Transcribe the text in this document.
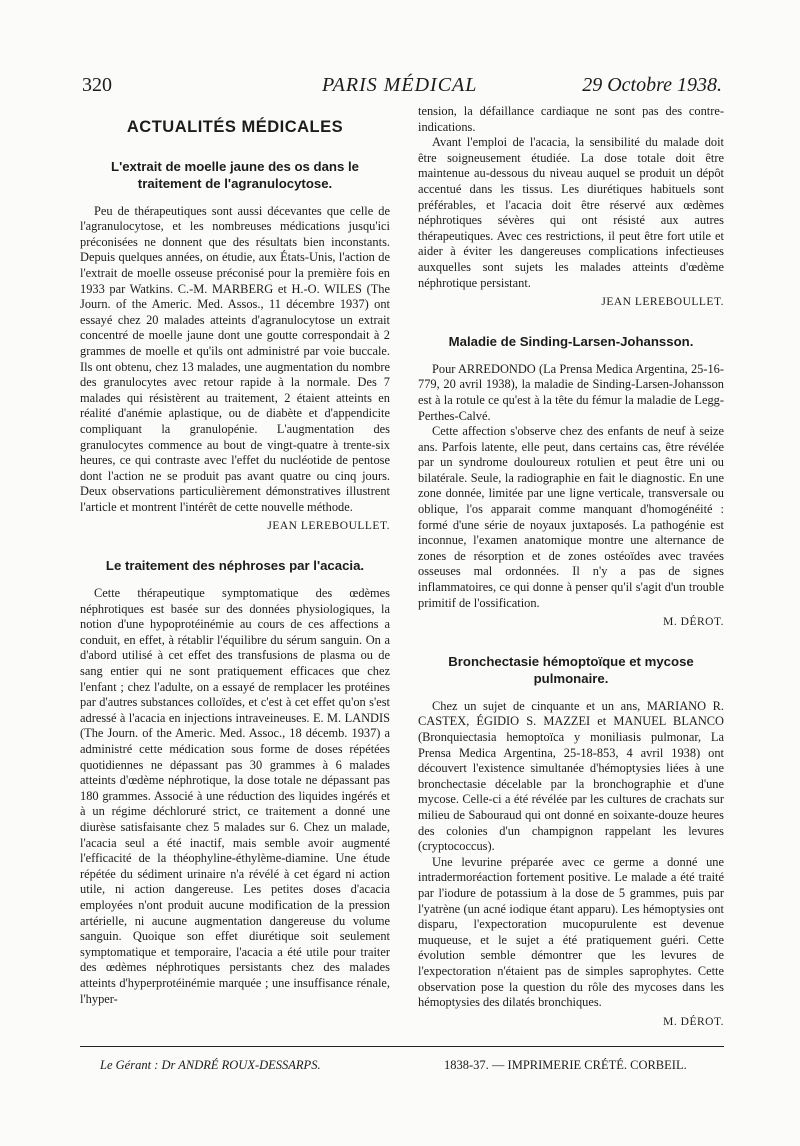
320	PARIS MÉDICAL	29 Octobre 1938.
ACTUALITÉS MÉDICALES
L'extrait de moelle jaune des os dans le traitement de l'agranulocytose.

Peu de thérapeutiques sont aussi décevantes que celle de l'agranulocytose, et les nombreuses médications jusqu'ici préconisées ne donnent que des résultats bien inconstants. Depuis quelques années, on étudie, aux États-Unis, l'action de l'extrait de moelle osseuse préconisé pour la première fois en 1933 par Watkins. C.-M. MARBERG et H.-O. WILES (The Journ. of the Americ. Med. Assos., 11 décembre 1937) ont essayé chez 20 malades atteints d'agranulocytose un extrait concentré de moelle jaune dont une goutte correspondait à 2 grammes de moelle et qu'ils ont administré par voie buccale. Ils ont obtenu, chez 13 malades, une augmentation du nombre des granulocytes avec retour rapide à la normale. Des 7 malades qui résistèrent au traitement, 2 étaient atteints en réalité d'anémie aplastique, ou de diabète et d'appendicite compliquant la granulopénie. L'augmentation des granulocytes commence au bout de vingt-quatre à trente-six heures, ce qui contraste avec l'effet du nucléotide de pentose dont l'action ne se produit pas avant quatre ou cinq jours. Deux observations particulièrement démonstratives illustrent l'article et montrent l'intérêt de cette nouvelle méthode.

JEAN LEREBOULLET.
Le traitement des néphroses par l'acacia.

Cette thérapeutique symptomatique des œdèmes néphrotiques est basée sur des données physiologiques, la notion d'une hypoprotéinémie au cours de ces affections a conduit, en effet, à rétablir l'équilibre du sérum sanguin. On a d'abord utilisé à cet effet des transfusions de plasma ou de sang entier qui ne sont pratiquement efficaces que chez l'enfant ; chez l'adulte, on a essayé de remplacer les protéines par d'autres substances colloïdes, et c'est à cet effet qu'on s'est adressé à l'acacia en injections intraveineuses. E. M. LANDIS (The Journ. of the Americ. Med. Assoc., 18 décemb. 1937) a administré cette médication sous forme de doses répétées quotidiennes ne dépassant pas 30 grammes à 6 malades atteints d'œdème néphrotique, la dose totale ne dépassant pas 180 grammes. Associé à une réduction des liquides ingérés et à un régime déchloruré strict, ce traitement a donné une diurèse satisfaisante chez 5 malades sur 6. Chez un malade, l'acacia seul a été inactif, mais semble avoir augmenté l'efficacité de la théophyline-éthylème-diamine. Une étude répétée du sédiment urinaire n'a révélé à cet égard ni action utile, ni action dangereuse. Les petites doses d'acacia employées n'ont produit aucune modification de la pression artérielle, ni aucune augmentation dangereuse du volume sanguin. Quoique son effet diurétique soit seulement symptomatique et temporaire, l'acacia a été utile pour traiter des œdèmes néphrotiques persistants chez des malades atteints d'hyperprotéinémie marquée ; une insuffisance rénale, l'hyper-

tension, la défaillance cardiaque ne sont pas des contre-indications.

Avant l'emploi de l'acacia, la sensibilité du malade doit être soigneusement étudiée. La dose totale doit être maintenue au-dessous du niveau auquel se produit un dépôt accentué dans les tissus. Les diurétiques habituels sont préférables, et l'acacia doit être réservé aux œdèmes néphrotiques sévères qui ont résisté aux autres thérapeutiques. Avec ces restrictions, il peut être fort utile et aider à éviter les dangereuses complications infectieuses auxquelles sont sujets les malades atteints d'œdème néphrotique persistant.

JEAN LEREBOULLET.
Maladie de Sinding-Larsen-Johansson.

Pour ARREDONDO (La Prensa Medica Argentina, 25-16-779, 20 avril 1938), la maladie de Sinding-Larsen-Johansson est à la rotule ce qu'est à la tête du fémur la maladie de Legg-Perthes-Calvé.

Cette affection s'observe chez des enfants de neuf à seize ans. Parfois latente, elle peut, dans certains cas, être révélée par un syndrome douloureux rotulien et peut être uni ou bilatérale. Seule, la radiographie en fait le diagnostic. En une zone donnée, limitée par une ligne verticale, transversale ou oblique, l'os apparait comme manquant d'homogénéité : formé d'une série de noyaux juxtaposés. La pathogénie est inconnue, l'examen anatomique montre une alternance de zones de résorption et de zones ostéoïdes avec travées osseuses mal ordonnées. Il n'y a pas de signes inflammatoires, ce qui donne à penser qu'il s'agit d'un trouble primitif de l'ossification.

M. DÉROT.
Bronchectasie hémoptoïque et mycose pulmonaire.

Chez un sujet de cinquante et un ans, MARIANO R. CASTEX, ÉGIDIO S. MAZZEI et MANUEL BLANCO (Bronquiectasia hemoptoïca y moniliasis pulmonar, La Prensa Medica Argentina, 25-18-853, 4 avril 1938) ont découvert l'existence simultanée d'hémoptysies liées à une bronchectasie décelable par la bronchographie et d'une mycose. Celle-ci a été révélée par les cultures de crachats sur milieu de Sabouraud qui ont donné en soixante-douze heures des colonies d'un champignon rappelant les levures (cryptococcus).

Une levurine préparée avec ce germe a donné une intradermoréaction fortement positive. Le malade a été traité par l'iodure de potassium à la dose de 5 grammes, puis par l'yatrène (un acné iodique étant apparu). Les hémoptysies ont disparu, l'expectoration mucopurulente est devenue muqueuse, et le sujet a été pratiquement guéri. Cette évolution semble démontrer que les levures de l'expectoration n'étaient pas de simples saprophytes. Cette observation pose la question du rôle des mycoses dans les hémoptysies des dilatés bronchiques.

M. DÉROT.
Le Gérant : Dr ANDRÉ ROUX-DESSARPS.	1838-37. — IMPRIMERIE CRÉTÉ. CORBEIL.
